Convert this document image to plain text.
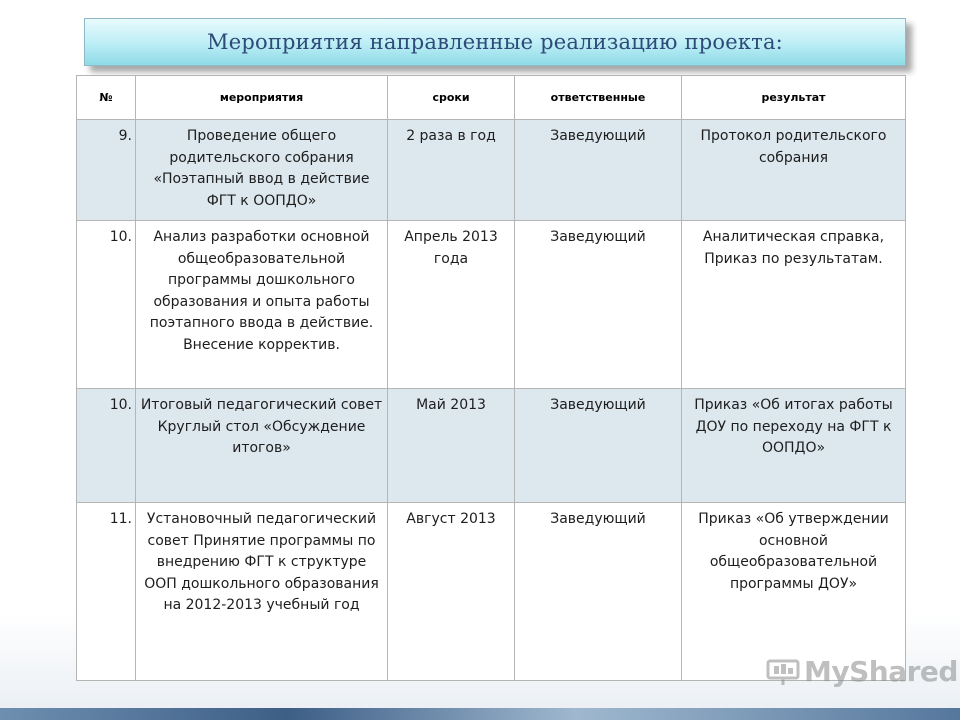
Мероприятия направленные реализацию проекта:
№	мероприятия	сроки	ответственные	результат
9.	Проведение общего родительского собрания «Поэтапный ввод в действие ФГТ к ООПДО»	2 раза в год	Заведующий	Протокол родительского собрания
10.	Анализ разработки основной общеобразовательной программы дошкольного образования и опыта работы поэтапного ввода в действие. Внесение корректив.	Апрель 2013 года	Заведующий	Аналитическая справка, Приказ по результатам.
10.	Итоговый педагогический совет Круглый стол «Обсуждение итогов»	Май 2013	Заведующий	Приказ «Об итогах работы ДОУ по переходу на ФГТ к ООПДО»
11.	Установочный педагогический совет Принятие программы по внедрению ФГТ к структуре ООП дошкольного образования на 2012-2013 учебный год	Август 2013	Заведующий	Приказ «Об утверждении основной общеобразовательной программы ДОУ»
MyShared
